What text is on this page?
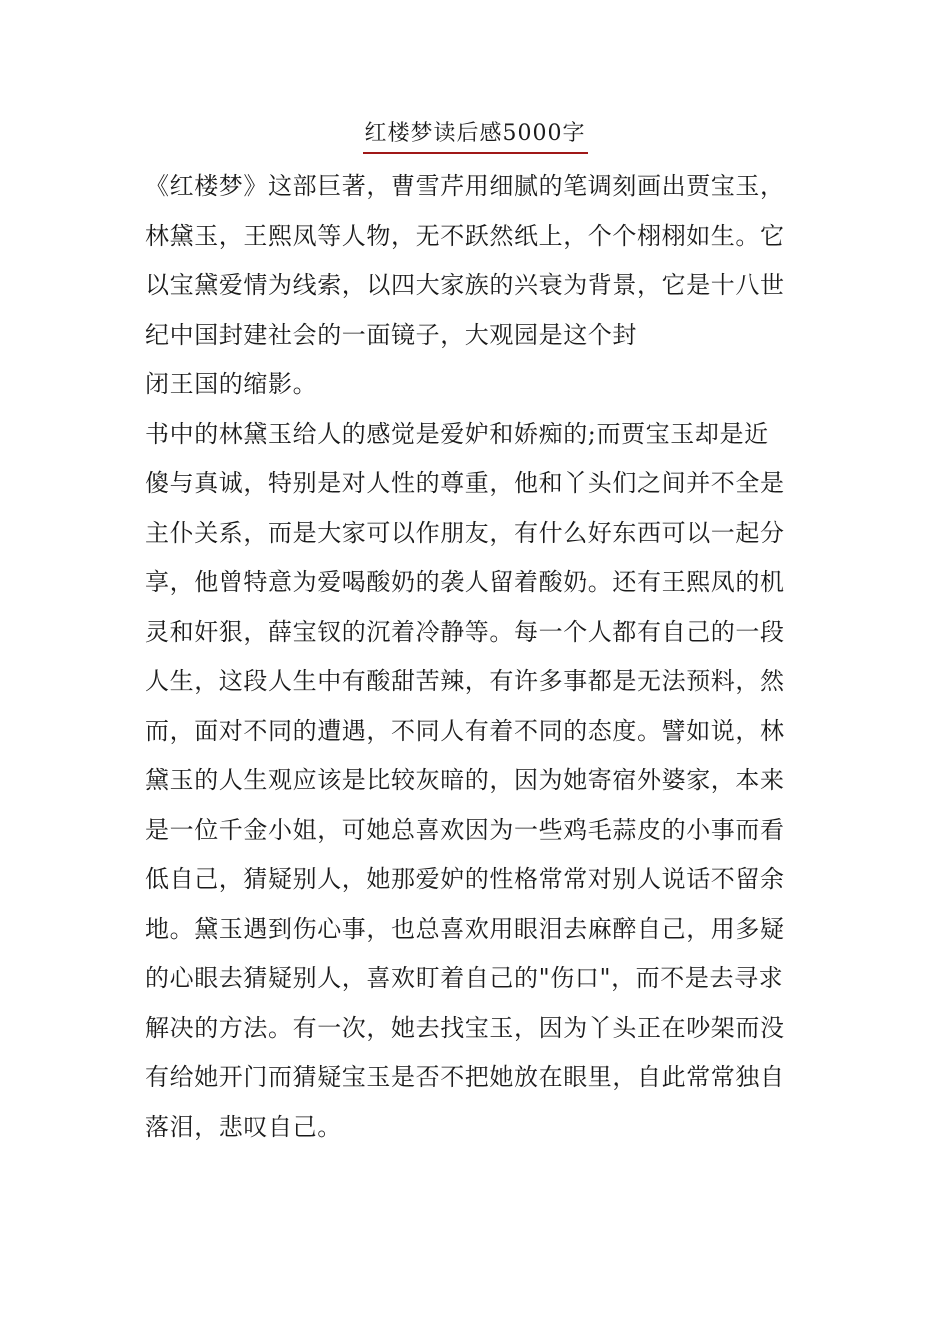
红楼梦读后感5000字
《红楼梦》这部巨著，曹雪芹用细腻的笔调刻画出贾宝玉，
林黛玉，王熙凤等人物，无不跃然纸上，个个栩栩如生。它
以宝黛爱情为线索，以四大家族的兴衰为背景，它是十八世
纪中国封建社会的一面镜子，大观园是这个封
闭王国的缩影。
书中的林黛玉给人的感觉是爱妒和娇痴的;而贾宝玉却是近
傻与真诚，特别是对人性的尊重，他和丫头们之间并不全是
主仆关系，而是大家可以作朋友，有什么好东西可以一起分
享，他曾特意为爱喝酸奶的袭人留着酸奶。还有王熙凤的机
灵和奸狠，薛宝钗的沉着冷静等。每一个人都有自己的一段
人生，这段人生中有酸甜苦辣，有许多事都是无法预料，然
而，面对不同的遭遇，不同人有着不同的态度。譬如说，林
黛玉的人生观应该是比较灰暗的，因为她寄宿外婆家，本来
是一位千金小姐，可她总喜欢因为一些鸡毛蒜皮的小事而看
低自己，猜疑别人，她那爱妒的性格常常对别人说话不留余
地。黛玉遇到伤心事，也总喜欢用眼泪去麻醉自己，用多疑
的心眼去猜疑别人，喜欢盯着自己的"伤口"，而不是去寻求
解决的方法。有一次，她去找宝玉，因为丫头正在吵架而没
有给她开门而猜疑宝玉是否不把她放在眼里，自此常常独自
落泪，悲叹自己。
